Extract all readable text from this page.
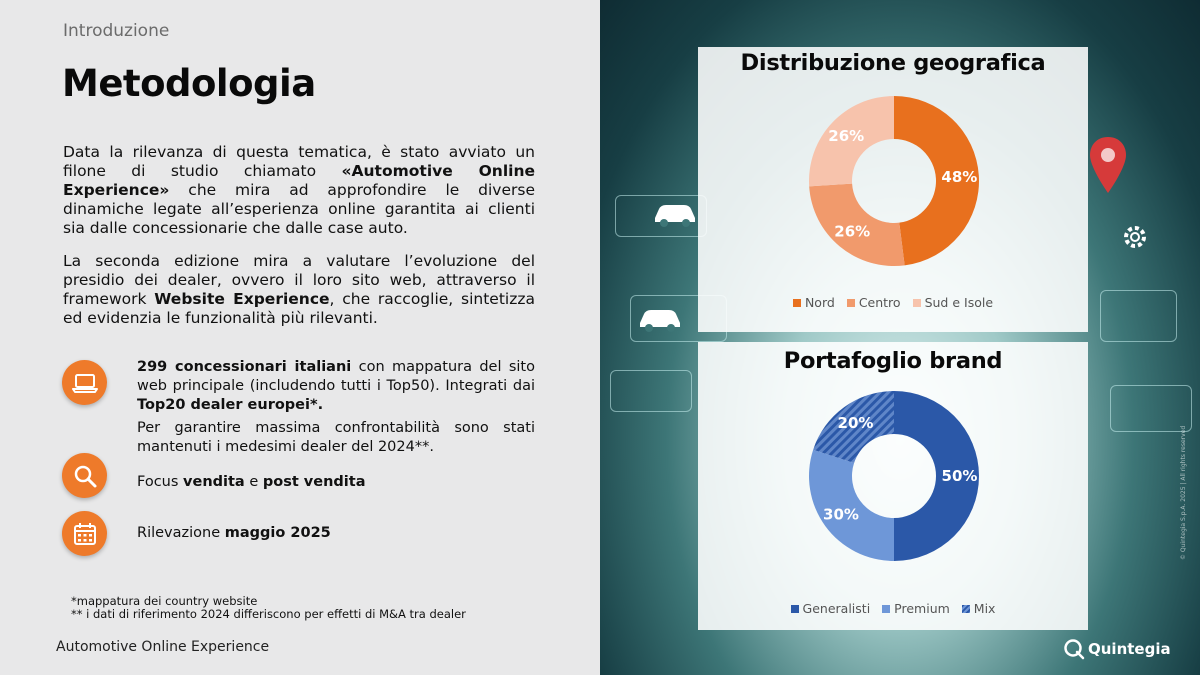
Introduzione
Metodologia

Data la rilevanza di questa tematica, è stato avviato un filone di studio chiamato «Automotive Online Experience» che mira ad approfondire le diverse dinamiche legate all’esperienza online garantita ai clienti sia dalle concessionarie che dalle case auto.

La seconda edizione mira a valutare l’evoluzione del presidio dei dealer, ovvero il loro sito web, attraverso il framework Website Experience, che raccoglie, sintetizza ed evidenzia le funzionalità più rilevanti.

299 concessionari italiani con mappatura del sito web principale (includendo tutti i Top50). Integrati dai Top20 dealer europei*.

Per garantire massima confrontabilità sono stati mantenuti i medesimi dealer del 2024**.

Focus vendita e post vendita

Rilevazione maggio 2025

*mappatura dei country website
** i dati di riferimento 2024 differiscono per effetti di M&A tra dealer
Automotive Online Experience
Distribuzione geografica
48%
26%
26%
Nord	Centro	Sud e Isole
Portafoglio brand
50%
30%
20%
Generalisti	Premium	Mix
Quintegia
© Quintegia S.p.A. 2025 | All rights reserved
